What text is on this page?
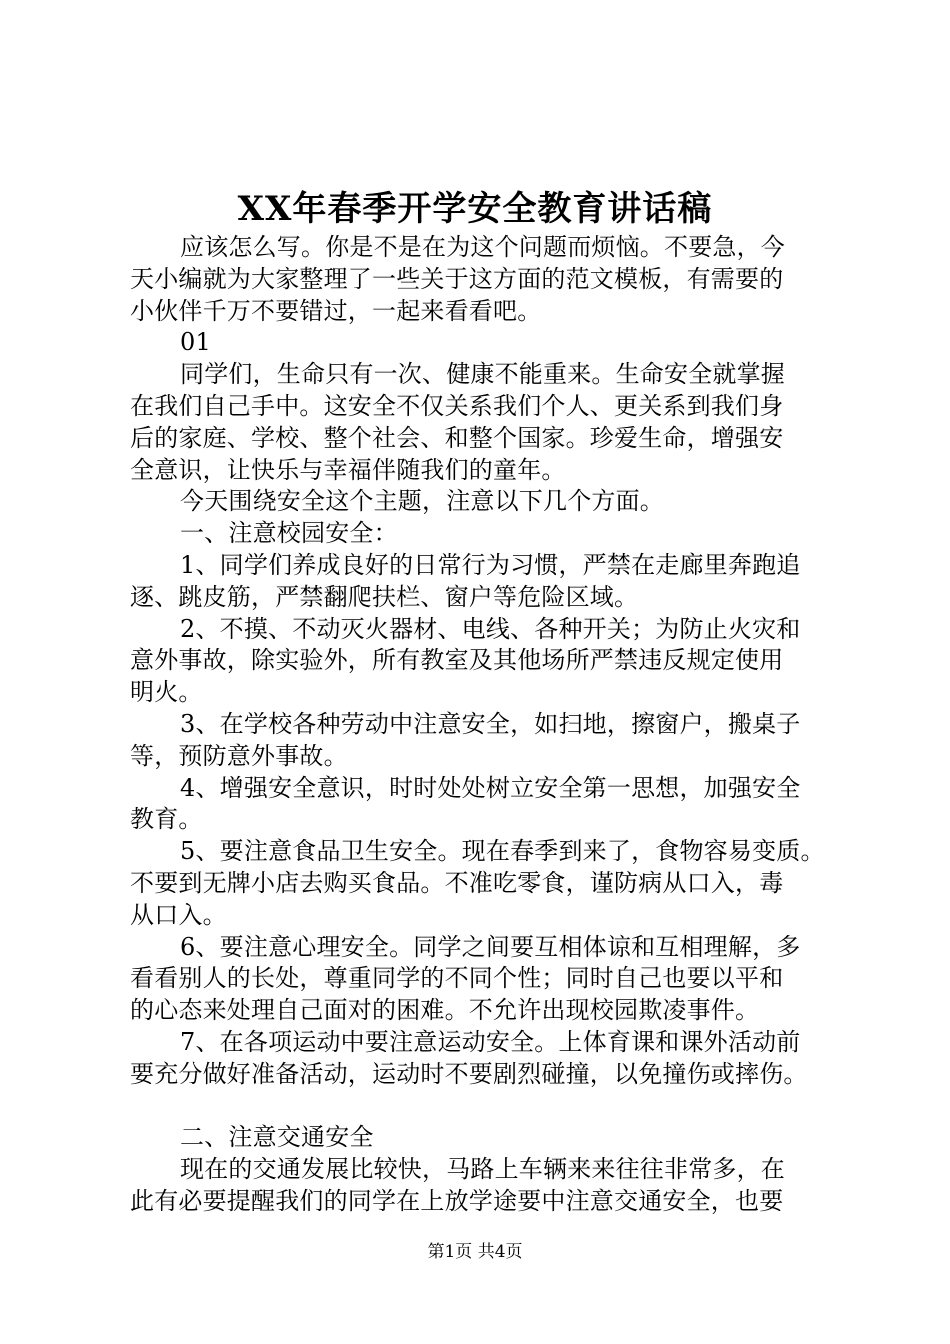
XX年春季开学安全教育讲话稿
应该怎么写。你是不是在为这个问题而烦恼。不要急，今
天小编就为大家整理了一些关于这方面的范文模板，有需要的
小伙伴千万不要错过，一起来看看吧。
01
同学们，生命只有一次、健康不能重来。生命安全就掌握
在我们自己手中。这安全不仅关系我们个人、更关系到我们身
后的家庭、学校、整个社会、和整个国家。珍爱生命，增强安
全意识，让快乐与幸福伴随我们的童年。
今天围绕安全这个主题，注意以下几个方面。
一、注意校园安全：
1、同学们养成良好的日常行为习惯，严禁在走廊里奔跑追
逐、跳皮筋，严禁翻爬扶栏、窗户等危险区域。
2、不摸、不动灭火器材、电线、各种开关；为防止火灾和
意外事故，除实验外，所有教室及其他场所严禁违反规定使用
明火。
3、在学校各种劳动中注意安全，如扫地，擦窗户，搬桌子
等，预防意外事故。
4、增强安全意识，时时处处树立安全第一思想，加强安全
教育。
5、要注意食品卫生安全。现在春季到来了，食物容易变质。
不要到无牌小店去购买食品。不准吃零食，谨防病从口入，毒
从口入。
6、要注意心理安全。同学之间要互相体谅和互相理解，多
看看别人的长处，尊重同学的不同个性；同时自己也要以平和
的心态来处理自己面对的困难。不允许出现校园欺凌事件。
7、在各项运动中要注意运动安全。上体育课和课外活动前
要充分做好准备活动，运动时不要剧烈碰撞，以免撞伤或摔伤。
二、注意交通安全
现在的交通发展比较快，马路上车辆来来往往非常多，在
此有必要提醒我们的同学在上放学途要中注意交通安全，也要
第1页 共4页
